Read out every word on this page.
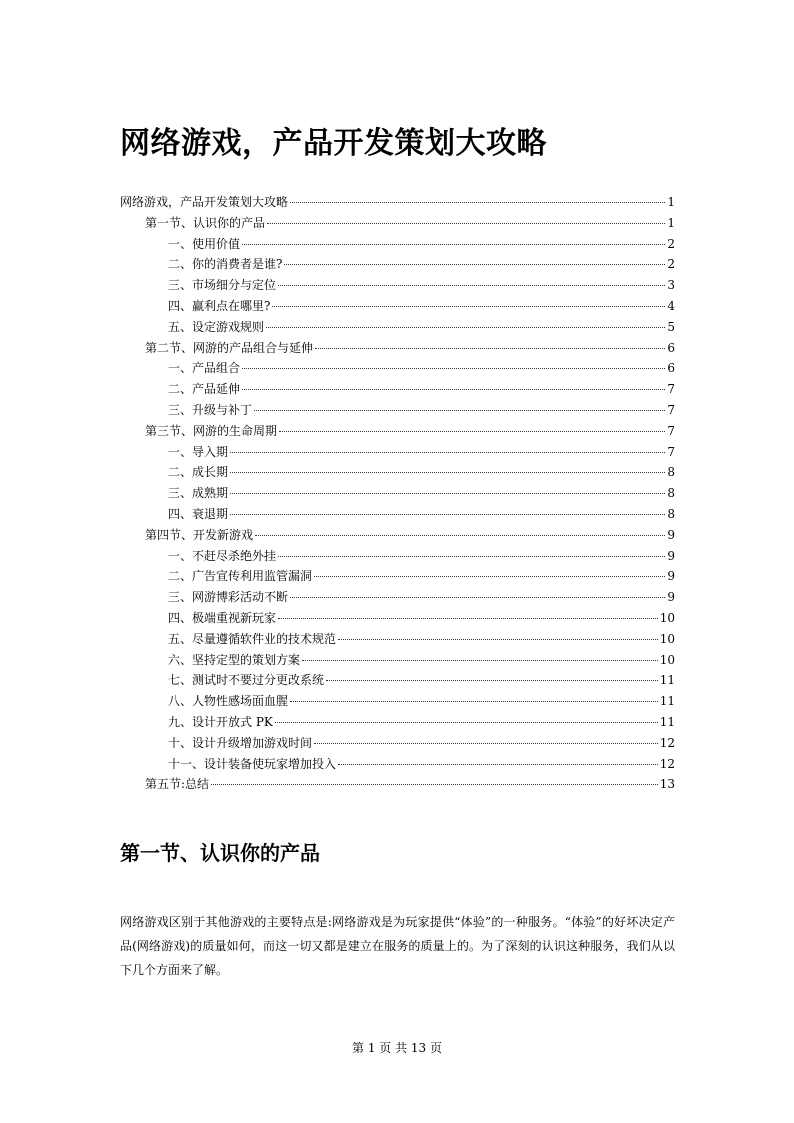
网络游戏，产品开发策划大攻略
网络游戏，产品开发策划大攻略	1
第一节、认识你的产品	1
一、使用价值	2
二、你的消费者是谁?	2
三、市场细分与定位	3
四、赢利点在哪里?	4
五、设定游戏规则	5
第二节、网游的产品组合与延伸	6
一、产品组合	6
二、产品延伸	7
三、升级与补丁	7
第三节、网游的生命周期	7
一、导入期	7
二、成长期	8
三、成熟期	8
四、衰退期	8
第四节、开发新游戏	9
一、不赶尽杀绝外挂	9
二、广告宣传利用监管漏洞	9
三、网游博彩活动不断	9
四、极端重视新玩家	10
五、尽量遵循软件业的技术规范	10
六、坚持定型的策划方案	10
七、测试时不要过分更改系统	11
八、人物性感场面血腥	11
九、设计开放式 PK	11
十、设计升级增加游戏时间	12
十一、设计装备使玩家增加投入	12
第五节:总结	13
第一节、认识你的产品

网络游戏区别于其他游戏的主要特点是:网络游戏是为玩家提供“体验”的一种服务。“体验”的好坏决定产品(网络游戏)的质量如何，而这一切又都是建立在服务的质量上的。为了深刻的认识这种服务，我们从以下几个方面来了解。

第 1 页 共 13 页
